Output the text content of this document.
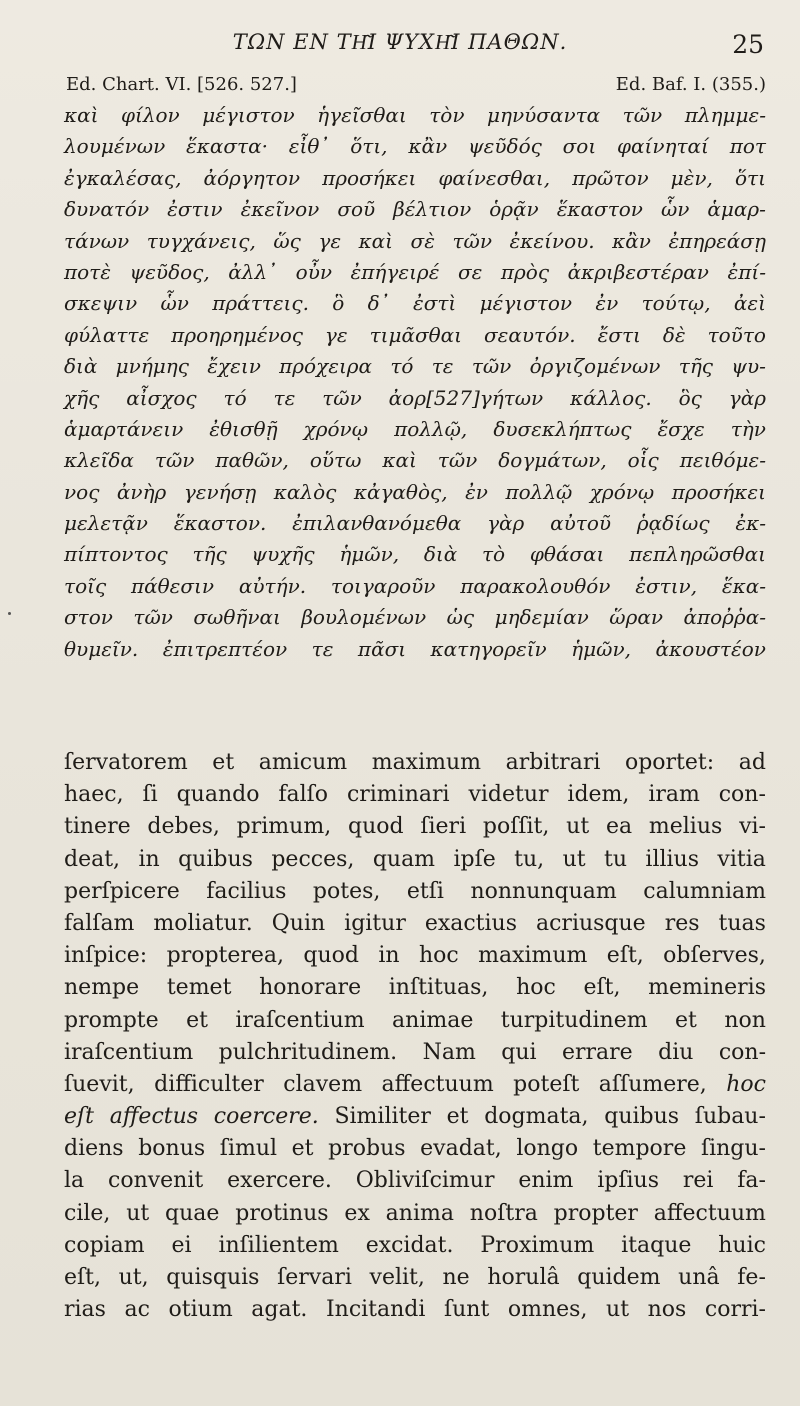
ΤΩΝ ΕΝ ΤΗ͂Ι ΨΥΧΗ͂Ι ΠΑΘΩΝ.	25
Ed. Chart. VI. [526. 527.]	Ed. Baf. I. (355.)
καὶ φίλον μέγιστον ἡγεῖσθαι τὸν μηνύσαντα τῶν πλημμε-
λουμένων ἕκαστα· εἶθ᾽ ὅτι, κἂν ψεῦδός σοι φαίνηταί ποτ
ἐγκαλέσας, ἀόργητον προσήκει φαίνεσθαι, πρῶτον μὲν, ὅτι
δυνατόν ἐστιν ἐκεῖνον σοῦ βέλτιον ὁρᾷν ἕκαστον ὧν ἁμαρ-
τάνων τυγχάνεις, ὥς γε καὶ σὲ τῶν ἐκείνου. κἂν ἐπηρεάσῃ
ποτὲ ψεῦδος, ἀλλ᾽ οὖν ἐπήγειρέ σε πρὸς ἀκριβεστέραν ἐπί-
σκεψιν ὧν πράττεις. ὃ δ᾽ ἐστὶ μέγιστον ἐν τούτῳ, ἀεὶ
φύλαττε προηρημένος γε τιμᾶσθαι σεαυτόν. ἔστι δὲ τοῦτο
διὰ μνήμης ἔχειν πρόχειρα τό τε τῶν ὀργιζομένων τῆς ψυ-
χῆς αἶσχος τό τε τῶν ἀορ[527]γήτων κάλλος. ὃς γὰρ
ἁμαρτάνειν ἐθισθῇ χρόνῳ πολλῷ, δυσεκλήπτως ἔσχε τὴν
κλεῖδα τῶν παθῶν, οὕτω καὶ τῶν δογμάτων, οἷς πειθόμε-
νος ἀνὴρ γενήσῃ καλὸς κἀγαθὸς, ἐν πολλῷ χρόνῳ προσήκει
μελετᾷν ἕκαστον. ἐπιλανθανόμεθα γὰρ αὐτοῦ ῥᾳδίως ἐκ-
πίπτοντος τῆς ψυχῆς ἡμῶν, διὰ τὸ φθάσαι πεπληρῶσθαι
τοῖς πάθεσιν αὐτήν. τοιγαροῦν παρακολουθόν ἐστιν, ἕκα-
στον τῶν σωθῆναι βουλομένων ὡς μηδεμίαν ὥραν ἀποῤῥα-
θυμεῖν. ἐπιτρεπτέον τε πᾶσι κατηγορεῖν ἡμῶν, ἀκουστέον
ſervatorem et amicum maximum arbitrari oportet: ad
haec, ſi quando falſo criminari videtur idem, iram con-
tinere debes, primum, quod ſieri poſſit, ut ea melius vi-
deat, in quibus pecces, quam ipſe tu, ut tu illius vitia
perſpicere facilius potes, etſi nonnunquam calumniam
falſam moliatur. Quin igitur exactius acriusque res tuas
inſpice: propterea, quod in hoc maximum eſt, obſerves,
nempe temet honorare inſtituas, hoc eſt, memineris
prompte et iraſcentium animae turpitudinem et non
iraſcentium pulchritudinem. Nam qui errare diu con-
ſuevit, difficulter clavem affectuum poteſt aſſumere, hoc
eſt affectus coercere. Similiter et dogmata, quibus ſubau-
diens bonus ſimul et probus evadat, longo tempore ſingu-
la convenit exercere. Obliviſcimur enim ipſius rei fa-
cile, ut quae protinus ex anima noſtra propter affectuum
copiam ei inſilientem excidat. Proximum itaque huic
eſt, ut, quisquis ſervari velit, ne horulâ quidem unâ fe-
rias ac otium agat. Incitandi ſunt omnes, ut nos corri-
